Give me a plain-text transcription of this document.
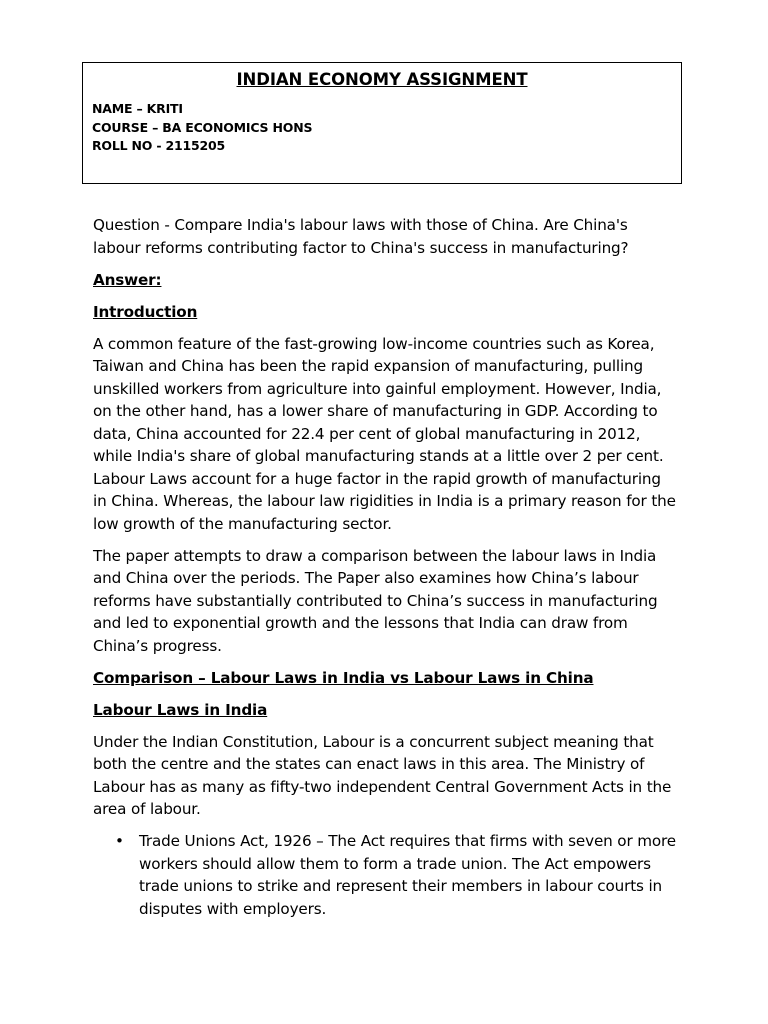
INDIAN ECONOMY ASSIGNMENT
NAME – KRITI
COURSE – BA ECONOMICS HONS
ROLL NO - 2115205

Question - Compare India's labour laws with those of China. Are China's labour reforms contributing factor to China's success in manufacturing?

Answer:

Introduction

A common feature of the fast-growing low-income countries such as Korea, Taiwan and China has been the rapid expansion of manufacturing, pulling unskilled workers from agriculture into gainful employment. However, India, on the other hand, has a lower share of manufacturing in GDP. According to data, China accounted for 22.4 per cent of global manufacturing in 2012, while India's share of global manufacturing stands at a little over 2 per cent. Labour Laws account for a huge factor in the rapid growth of manufacturing in China. Whereas, the labour law rigidities in India is a primary reason for the low growth of the manufacturing sector.

The paper attempts to draw a comparison between the labour laws in India and China over the periods. The Paper also examines how China’s labour reforms have substantially contributed to China’s success in manufacturing and led to exponential growth and the lessons that India can draw from China’s progress.

Comparison – Labour Laws in India vs Labour Laws in China

Labour Laws in India

Under the Indian Constitution, Labour is a concurrent subject meaning that both the centre and the states can enact laws in this area. The Ministry of Labour has as many as fifty-two independent Central Government Acts in the area of labour.

• Trade Unions Act, 1926 – The Act requires that firms with seven or more workers should allow them to form a trade union. The Act empowers trade unions to strike and represent their members in labour courts in disputes with employers.
